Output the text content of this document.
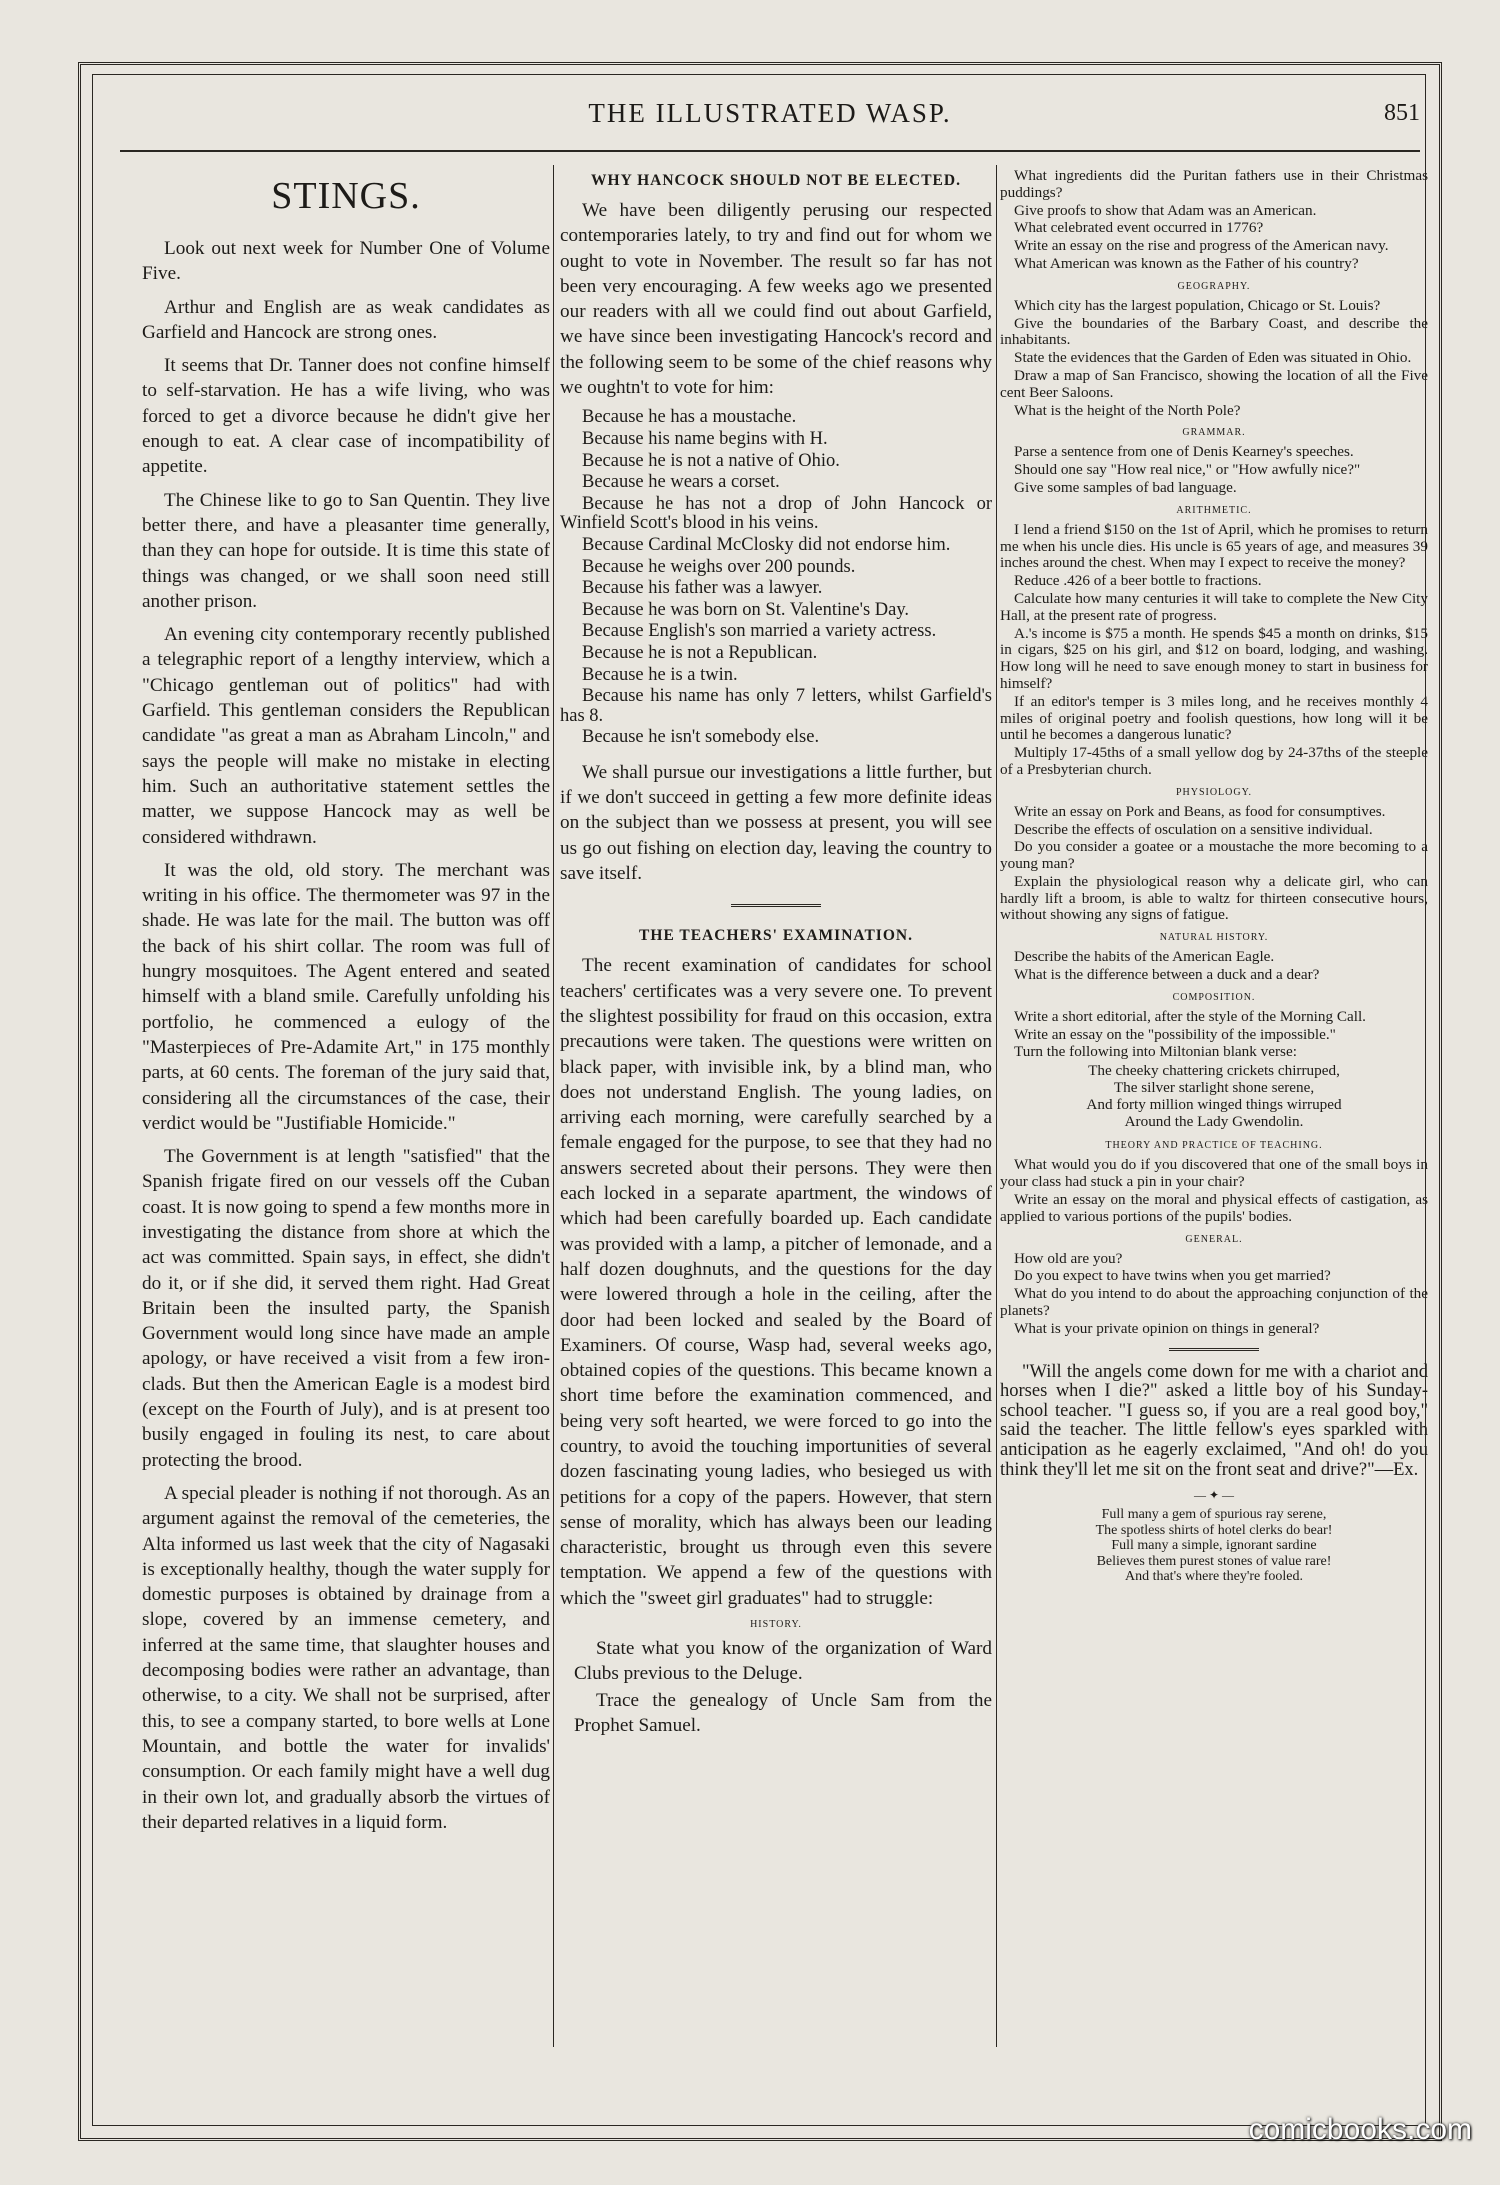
THE ILLUSTRATED WASP.	851
STINGS.

Look out next week for Number One of Volume Five.

Arthur and English are as weak candidates as Garfield and Hancock are strong ones.

It seems that Dr. Tanner does not confine himself to self-starvation. He has a wife living, who was forced to get a divorce because he didn't give her enough to eat. A clear case of incompatibility of appetite.

The Chinese like to go to San Quentin. They live better there, and have a pleasanter time generally, than they can hope for outside. It is time this state of things was changed, or we shall soon need still another prison.

An evening city contemporary recently published a telegraphic report of a lengthy interview, which a "Chicago gentleman out of politics" had with Garfield. This gentleman considers the Republican candidate "as great a man as Abraham Lincoln," and says the people will make no mistake in electing him. Such an authoritative statement settles the matter, we suppose Hancock may as well be considered withdrawn.

It was the old, old story. The merchant was writing in his office. The thermometer was 97 in the shade. He was late for the mail. The button was off the back of his shirt collar. The room was full of hungry mosquitoes. The Agent entered and seated himself with a bland smile. Carefully unfolding his portfolio, he commenced a eulogy of the "Masterpieces of Pre-Adamite Art," in 175 monthly parts, at 60 cents. The foreman of the jury said that, considering all the circumstances of the case, their verdict would be "Justifiable Homicide."

The Government is at length "satisfied" that the Spanish frigate fired on our vessels off the Cuban coast. It is now going to spend a few months more in investigating the distance from shore at which the act was committed. Spain says, in effect, she didn't do it, or if she did, it served them right. Had Great Britain been the insulted party, the Spanish Government would long since have made an ample apology, or have received a visit from a few iron-clads. But then the American Eagle is a modest bird (except on the Fourth of July), and is at present too busily engaged in fouling its nest, to care about protecting the brood.

A special pleader is nothing if not thorough. As an argument against the removal of the cemeteries, the Alta informed us last week that the city of Nagasaki is exceptionally healthy, though the water supply for domestic purposes is obtained by drainage from a slope, covered by an immense cemetery, and inferred at the same time, that slaughter houses and decomposing bodies were rather an advantage, than otherwise, to a city. We shall not be surprised, after this, to see a company started, to bore wells at Lone Mountain, and bottle the water for invalids' consumption. Or each family might have a well dug in their own lot, and gradually absorb the virtues of their departed relatives in a liquid form.

WHY HANCOCK SHOULD NOT BE ELECTED.

We have been diligently perusing our respected contemporaries lately, to try and find out for whom we ought to vote in November. The result so far has not been very encouraging. A few weeks ago we presented our readers with all we could find out about Garfield, we have since been investigating Hancock's record and the following seem to be some of the chief reasons why we oughtn't to vote for him:

Because he has a moustache.
Because his name begins with H.
Because he is not a native of Ohio.
Because he wears a corset.
Because he has not a drop of John Hancock or Winfield Scott's blood in his veins.
Because Cardinal McClosky did not endorse him.
Because he weighs over 200 pounds.
Because his father was a lawyer.
Because he was born on St. Valentine's Day.
Because English's son married a variety actress.
Because he is not a Republican.
Because he is a twin.
Because his name has only 7 letters, whilst Garfield's has 8.
Because he isn't somebody else.

We shall pursue our investigations a little further, but if we don't succeed in getting a few more definite ideas on the subject than we possess at present, you will see us go out fishing on election day, leaving the country to save itself.

THE TEACHERS' EXAMINATION.

The recent examination of candidates for school teachers' certificates was a very severe one. To prevent the slightest possibility for fraud on this occasion, extra precautions were taken. The questions were written on black paper, with invisible ink, by a blind man, who does not understand English. The young ladies, on arriving each morning, were carefully searched by a female engaged for the purpose, to see that they had no answers secreted about their persons. They were then each locked in a separate apartment, the windows of which had been carefully boarded up. Each candidate was provided with a lamp, a pitcher of lemonade, and a half dozen doughnuts, and the questions for the day were lowered through a hole in the ceiling, after the door had been locked and sealed by the Board of Examiners. Of course, Wasp had, several weeks ago, obtained copies of the questions. This became known a short time before the examination commenced, and being very soft hearted, we were forced to go into the country, to avoid the touching importunities of several dozen fascinating young ladies, who besieged us with petitions for a copy of the papers. However, that stern sense of morality, which has always been our leading characteristic, brought us through even this severe temptation. We append a few of the questions with which the "sweet girl graduates" had to struggle:

HISTORY.

State what you know of the organization of Ward Clubs previous to the Deluge.

Trace the genealogy of Uncle Sam from the Prophet Samuel.

What ingredients did the Puritan fathers use in their Christmas puddings?

Give proofs to show that Adam was an American.

What celebrated event occurred in 1776?

Write an essay on the rise and progress of the American navy.

What American was known as the Father of his country?

GEOGRAPHY.

Which city has the largest population, Chicago or St. Louis?

Give the boundaries of the Barbary Coast, and describe the inhabitants.

State the evidences that the Garden of Eden was situated in Ohio.

Draw a map of San Francisco, showing the location of all the Five cent Beer Saloons.

What is the height of the North Pole?

GRAMMAR.

Parse a sentence from one of Denis Kearney's speeches.

Should one say "How real nice," or "How awfully nice?"

Give some samples of bad language.

ARITHMETIC.

I lend a friend $150 on the 1st of April, which he promises to return me when his uncle dies. His uncle is 65 years of age, and measures 39 inches around the chest. When may I expect to receive the money?

Reduce .426 of a beer bottle to fractions.

Calculate how many centuries it will take to complete the New City Hall, at the present rate of progress.

A.'s income is $75 a month. He spends $45 a month on drinks, $15 in cigars, $25 on his girl, and $12 on board, lodging, and washing. How long will he need to save enough money to start in business for himself?

If an editor's temper is 3 miles long, and he receives monthly 4 miles of original poetry and foolish questions, how long will it be until he becomes a dangerous lunatic?

Multiply 17-45ths of a small yellow dog by 24-37ths of the steeple of a Presbyterian church.

PHYSIOLOGY.

Write an essay on Pork and Beans, as food for consumptives.

Describe the effects of osculation on a sensitive individual.

Do you consider a goatee or a moustache the more becoming to a young man?

Explain the physiological reason why a delicate girl, who can hardly lift a broom, is able to waltz for thirteen consecutive hours, without showing any signs of fatigue.

NATURAL HISTORY.

Describe the habits of the American Eagle.

What is the difference between a duck and a dear?

COMPOSITION.

Write a short editorial, after the style of the Morning Call.

Write an essay on the "possibility of the impossible."

Turn the following into Miltonian blank verse:

The cheeky chattering crickets chirruped,
The silver starlight shone serene,
And forty million winged things wirruped
Around the Lady Gwendolin.
THEORY AND PRACTICE OF TEACHING.

What would you do if you discovered that one of the small boys in your class had stuck a pin in your chair?

Write an essay on the moral and physical effects of castigation, as applied to various portions of the pupils' bodies.

GENERAL.

How old are you?

Do you expect to have twins when you get married?

What do you intend to do about the approaching conjunction of the planets?

What is your private opinion on things in general?

"Will the angels come down for me with a chariot and horses when I die?" asked a little boy of his Sunday-school teacher. "I guess so, if you are a real good boy," said the teacher. The little fellow's eyes sparkled with anticipation as he eagerly exclaimed, "And oh! do you think they'll let me sit on the front seat and drive?"—Ex.

— ✦ —
Full many a gem of spurious ray serene,
The spotless shirts of hotel clerks do bear!
Full many a simple, ignorant sardine
Believes them purest stones of value rare!
And that's where they're fooled.
comicbooks.com
